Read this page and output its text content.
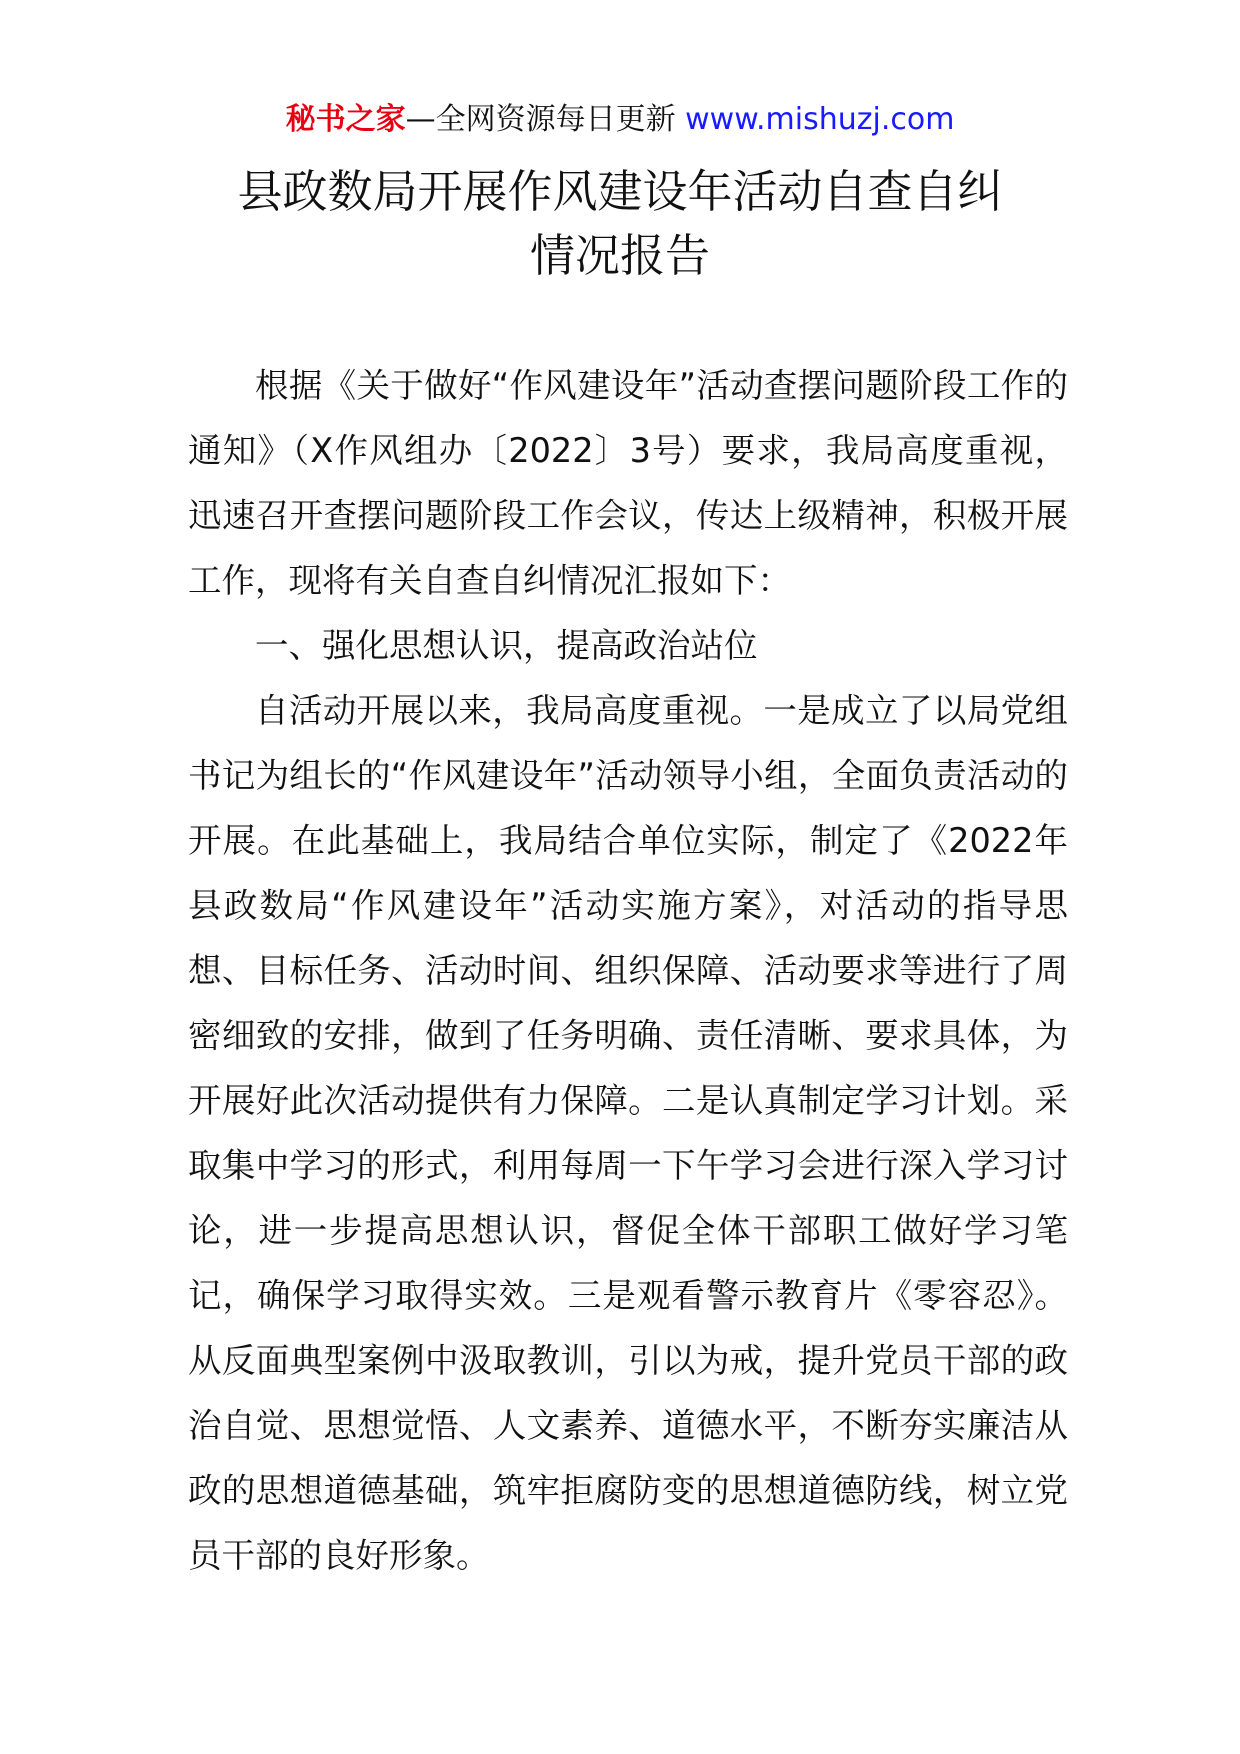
秘书之家—全网资源每日更新 www.mishuzj.com
县政数局开展作风建设年活动自查自纠
情况报告

根据《关于做好“作风建设年”活动查摆问题阶段工作的通知》（X作风组办〔2022〕3号）要求，我局高度重视，迅速召开查摆问题阶段工作会议，传达上级精神，积极开展工作，现将有关自查自纠情况汇报如下：

一、强化思想认识，提高政治站位

自活动开展以来，我局高度重视。一是成立了以局党组书记为组长的“作风建设年”活动领导小组，全面负责活动的开展。在此基础上，我局结合单位实际，制定了《2022年县政数局“作风建设年”活动实施方案》，对活动的指导思想、目标任务、活动时间、组织保障、活动要求等进行了周密细致的安排，做到了任务明确、责任清晰、要求具体，为开展好此次活动提供有力保障。二是认真制定学习计划。采取集中学习的形式，利用每周一下午学习会进行深入学习讨论，进一步提高思想认识，督促全体干部职工做好学习笔记，确保学习取得实效。三是观看警示教育片《零容忍》。从反面典型案例中汲取教训，引以为戒，提升党员干部的政治自觉、思想觉悟、人文素养、道德水平，不断夯实廉洁从政的思想道德基础，筑牢拒腐防变的思想道德防线，树立党员干部的良好形象。
